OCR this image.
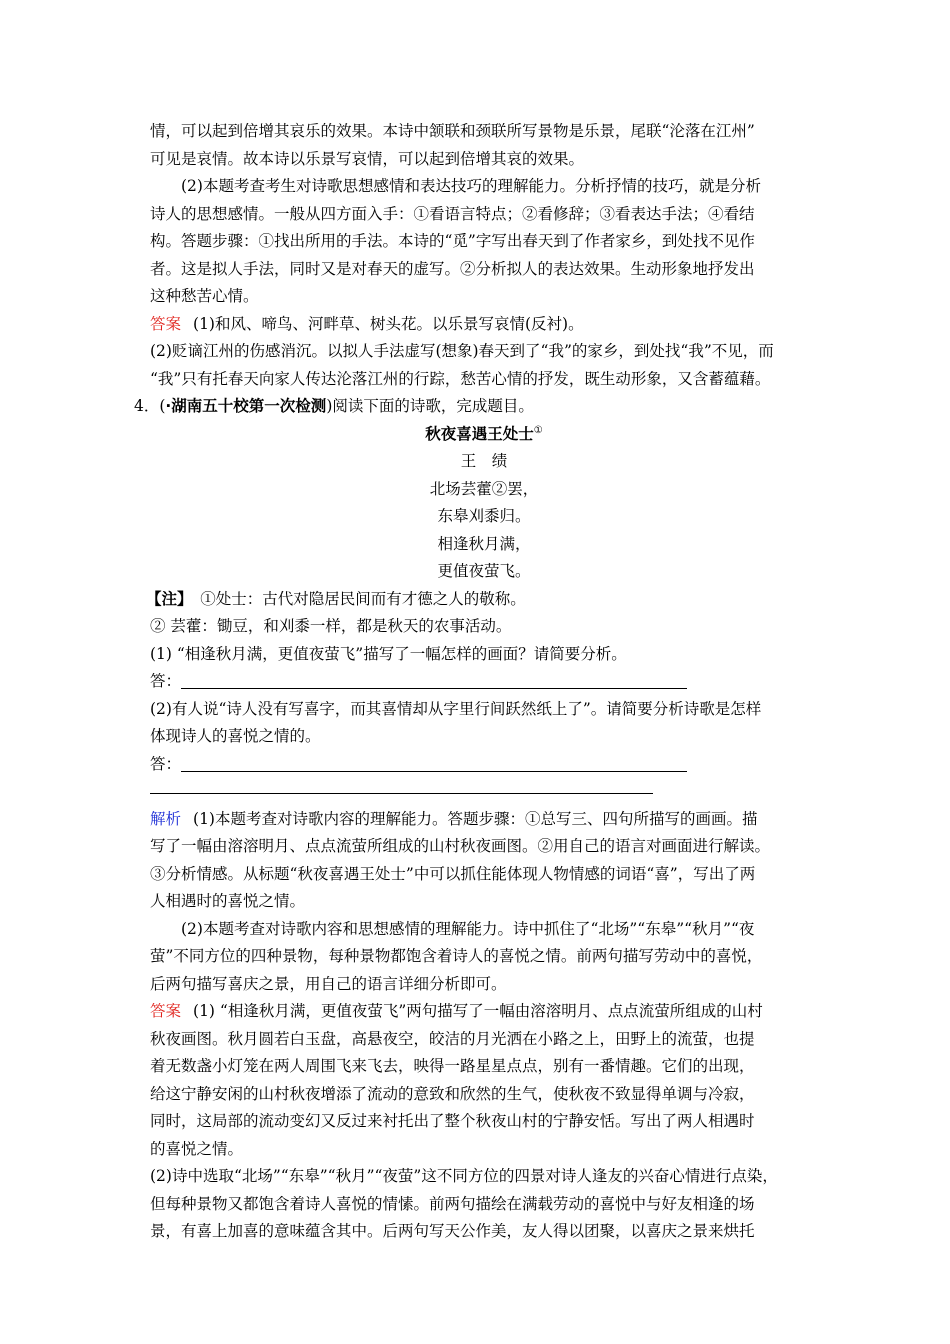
情，可以起到倍增其哀乐的效果。本诗中颔联和颈联所写景物是乐景，尾联“沦落在江州”
可见是哀情。故本诗以乐景写哀情，可以起到倍增其哀的效果。
(2)本题考查考生对诗歌思想感情和表达技巧的理解能力。分析抒情的技巧，就是分析
诗人的思想感情。一般从四方面入手：①看语言特点；②看修辞；③看表达手法；④看结
构。答题步骤：①找出所用的手法。本诗的“觅”字写出春天到了作者家乡，到处找不见作
者。这是拟人手法，同时又是对春天的虚写。②分析拟人的表达效果。生动形象地抒发出
这种愁苦心情。
答案 (1)和风、啼鸟、河畔草、树头花。以乐景写哀情(反衬)。
(2)贬谪江州的伤感消沉。以拟人手法虚写(想象)春天到了“我”的家乡，到处找“我”不见，而
“我”只有托春天向家人传达沦落江州的行踪，愁苦心情的抒发，既生动形象，又含蓄蕴藉。
4．(·湖南五十校第一次检测)阅读下面的诗歌，完成题目。
秋夜喜遇王处士①
王　绩
北场芸藿②罢，
东皋刈黍归。
相逢秋月满，
更值夜萤飞。
【注】　①处士：古代对隐居民间而有才德之人的敬称。
② 芸藿：锄豆，和刈黍一样，都是秋天的农事活动。
(1) “相逢秋月满，更值夜萤飞”描写了一幅怎样的画面？请简要分析。
答：
(2)有人说“诗人没有写喜字，而其喜情却从字里行间跃然纸上了”。请简要分析诗歌是怎样
体现诗人的喜悦之情的。
答：
解析 (1)本题考查对诗歌内容的理解能力。答题步骤：①总写三、四句所描写的画画。描
写了一幅由溶溶明月、点点流萤所组成的山村秋夜画图。②用自己的语言对画面进行解读。
③分析情感。从标题“秋夜喜遇王处士”中可以抓住能体现人物情感的词语“喜”，写出了两
人相遇时的喜悦之情。
(2)本题考查对诗歌内容和思想感情的理解能力。诗中抓住了“北场”“东皋”“秋月”“夜
萤”不同方位的四种景物，每种景物都饱含着诗人的喜悦之情。前两句描写劳动中的喜悦，
后两句描写喜庆之景，用自己的语言详细分析即可。
答案 (1) “相逢秋月满，更值夜萤飞”两句描写了一幅由溶溶明月、点点流萤所组成的山村
秋夜画图。秋月圆若白玉盘，高悬夜空，皎洁的月光洒在小路之上，田野上的流萤，也提
着无数盏小灯笼在两人周围飞来飞去，映得一路星星点点，别有一番情趣。它们的出现，
给这宁静安闲的山村秋夜增添了流动的意致和欣然的生气，使秋夜不致显得单调与冷寂，
同时，这局部的流动变幻又反过来衬托出了整个秋夜山村的宁静安恬。写出了两人相遇时
的喜悦之情。
(2)诗中选取“北场”“东皋”“秋月”“夜萤”这不同方位的四景对诗人逢友的兴奋心情进行点染，
但每种景物又都饱含着诗人喜悦的情愫。前两句描绘在满载劳动的喜悦中与好友相逢的场
景，有喜上加喜的意味蕴含其中。后两句写天公作美，友人得以团聚，以喜庆之景来烘托
